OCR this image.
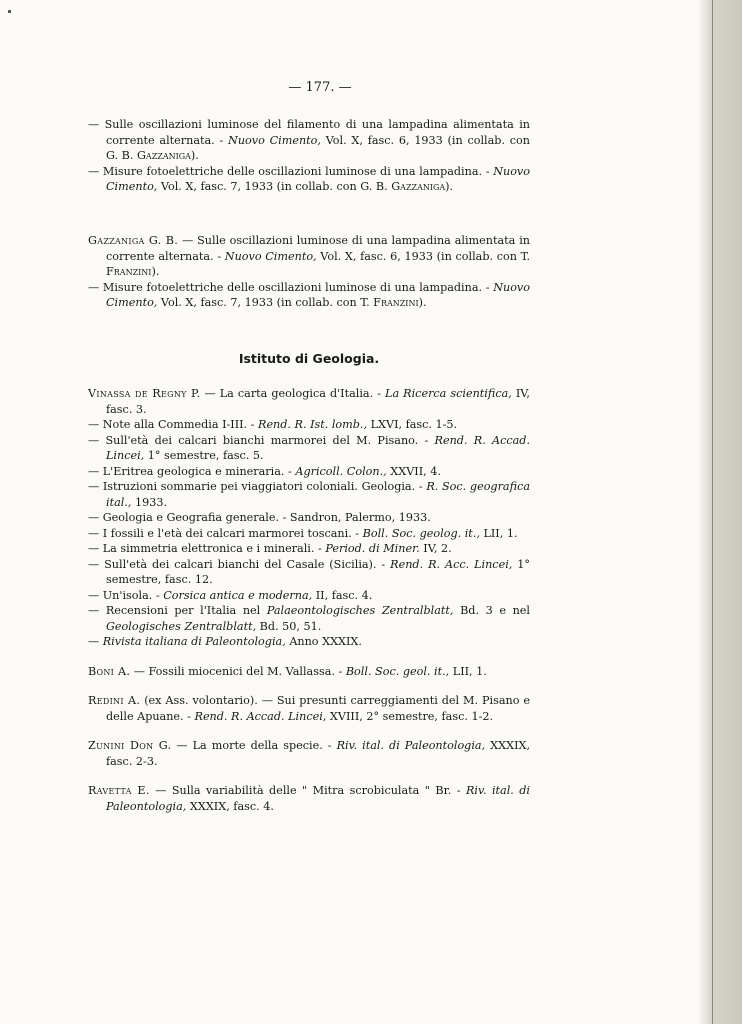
— 177. —

— Sulle oscillazioni luminose del filamento di una lampadina alimentata in corrente alternata. - Nuovo Cimento, Vol. X, fasc. 6, 1933 (in collab. con G. B. Gazzaniga).

— Misure fotoelettriche delle oscillazioni luminose di una lampadina. - Nuovo Cimento, Vol. X, fasc. 7, 1933 (in collab. con G. B. Gazzaniga).

Gazzaniga G. B. — Sulle oscillazioni luminose di una lampadina alimentata in corrente alternata. - Nuovo Cimento, Vol. X, fasc. 6, 1933 (in collab. con T. Franzini).

— Misure fotoelettriche delle oscillazioni luminose di una lampadina. - Nuovo Cimento, Vol. X, fasc. 7, 1933 (in collab. con T. Franzini).

Istituto di Geologia.

Vinassa de Regny P. — La carta geologica d'Italia. - La Ricerca scientifica, IV, fasc. 3.

— Note alla Commedia I-III. - Rend. R. Ist. lomb., LXVI, fasc. 1-5.

— Sull'età dei calcari bianchi marmorei del M. Pisano. - Rend. R. Accad. Lincei, 1° semestre, fasc. 5.

— L'Eritrea geologica e mineraria. - Agricoll. Colon., XXVII, 4.

— Istruzioni sommarie pei viaggiatori coloniali. Geologia. - R. Soc. geografica ital., 1933.

— Geologia e Geografia generale. - Sandron, Palermo, 1933.

— I fossili e l'età dei calcari marmorei toscani. - Boll. Soc. geolog. it., LII, 1.

— La simmetria elettronica e i minerali. - Period. di Miner. IV, 2.

— Sull'età dei calcari bianchi del Casale (Sicilia). - Rend. R. Acc. Lincei, 1° semestre, fasc. 12.

— Un'isola. - Corsica antica e moderna, II, fasc. 4.

— Recensioni per l'Italia nel Palaeontologisches Zentralblatt, Bd. 3 e nel Geologisches Zentralblatt, Bd. 50, 51.

— Rivista italiana di Paleontologia, Anno XXXIX.

Boni A. — Fossili miocenici del M. Vallassa. - Boll. Soc. geol. it., LII, 1.

Redini A. (ex Ass. volontario). — Sui presunti carreggiamenti del M. Pisano e delle Apuane. - Rend. R. Accad. Lincei, XVIII, 2° semestre, fasc. 1-2.

Zunini Don G. — La morte della specie. - Riv. ital. di Paleontologia, XXXIX, fasc. 2-3.

Ravetta E. — Sulla variabilità delle " Mitra scrobiculata " Br. - Riv. ital. di Paleontologia, XXXIX, fasc. 4.
